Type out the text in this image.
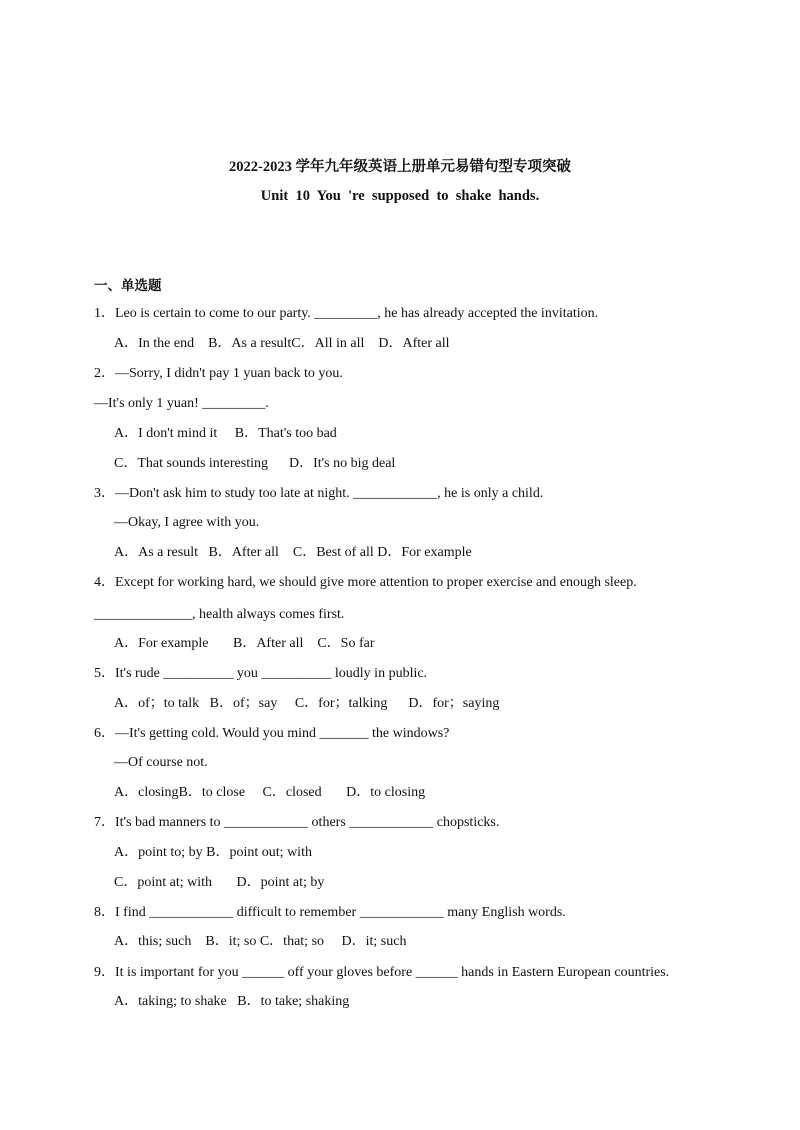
2022-2023 学年九年级英语上册单元易错句型专项突破
Unit  10  You  're  supposed  to  shake  hands.
一、单选题
1．Leo is certain to come to our party. _________, he has already accepted the invitation.
A．In the end    B．As a resultC．All in all    D．After all
2．—Sorry, I didn't pay 1 yuan back to you.
—It's only 1 yuan! _________.
A．I don't mind it     B．That's too bad
C．That sounds interesting      D．It's no big deal
3．—Don't ask him to study too late at night. ____________, he is only a child.
—Okay, I agree with you.
A．As a result   B．After all    C．Best of all D．For example
4．Except for working hard, we should give more attention to proper exercise and enough sleep.
______________, health always comes first.
A．For example       B．After all    C．So far
5．It's rude __________ you __________ loudly in public.
A．of；to talk   B．of；say     C．for；talking      D．for；saying
6．—It's getting cold. Would you mind _______ the windows?
—Of course not.
A．closingB．to close     C．closed       D．to closing
7．It's bad manners to ____________ others ____________ chopsticks.
A．point to; by B．point out; with
C．point at; with       D．point at; by
8．I find ____________ difficult to remember ____________ many English words.
A．this; such    B．it; so C．that; so     D．it; such
9．It is important for you ______ off your gloves before ______ hands in Eastern European countries.
A．taking; to shake   B．to take; shaking
